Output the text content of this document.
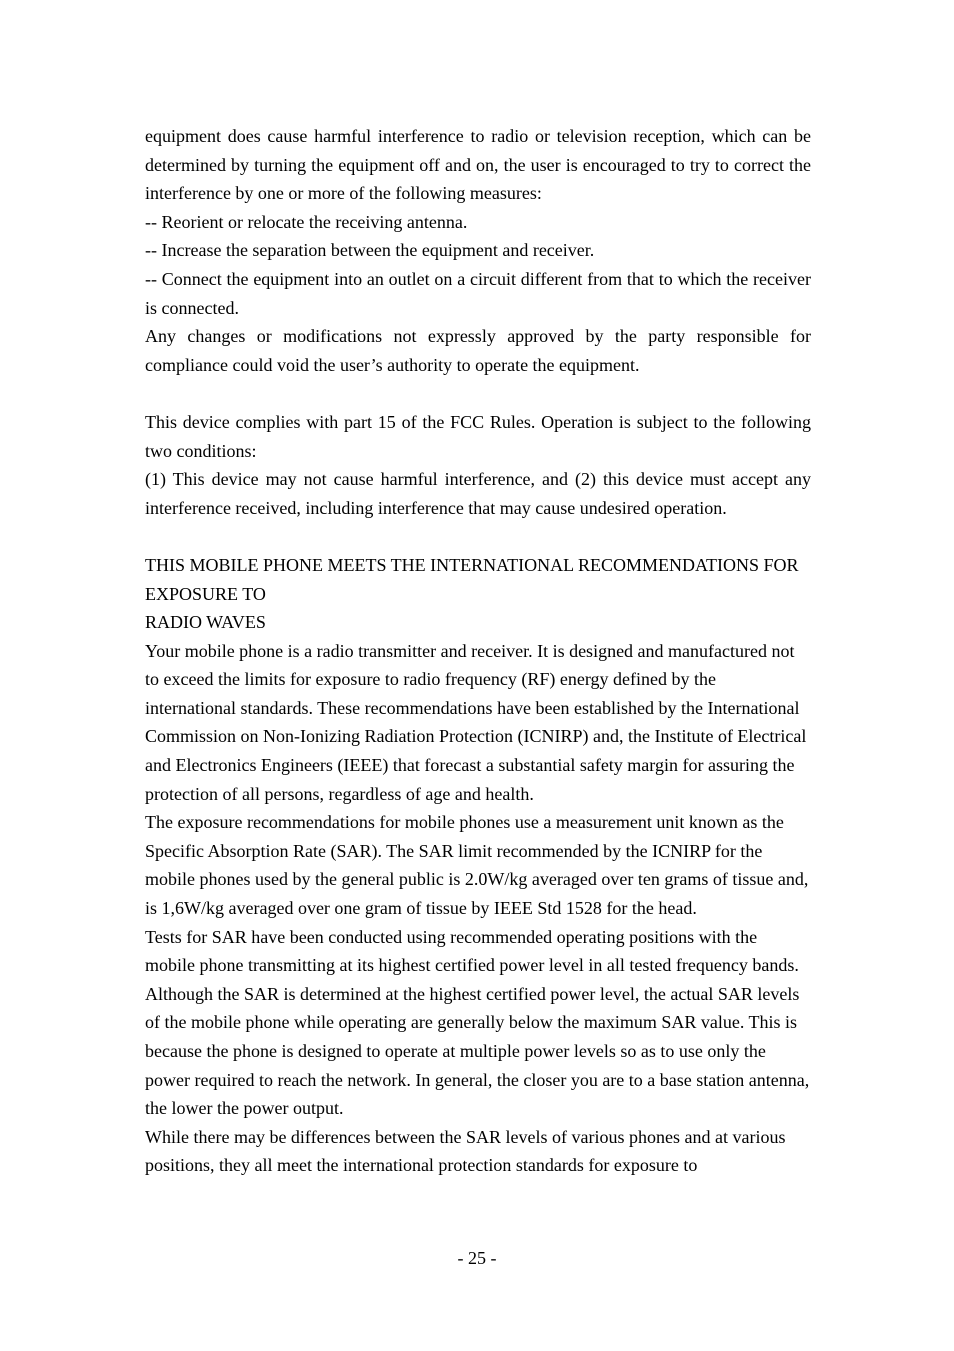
equipment does cause harmful interference to radio or television reception, which can be determined by turning the equipment off and on, the user is encouraged to try to correct the interference by one or more of the following measures:

-- Reorient or relocate the receiving antenna.

-- Increase the separation between the equipment and receiver.

-- Connect the equipment into an outlet on a circuit different from that to which the receiver is connected.

Any changes or modifications not expressly approved by the party responsible for compliance could void the user’s authority to operate the equipment.

This device complies with part 15 of the FCC Rules. Operation is subject to the following two conditions:

(1) This device may not cause harmful interference, and (2) this device must accept any interference received, including interference that may cause undesired operation.

THIS MOBILE PHONE MEETS THE INTERNATIONAL RECOMMENDATIONS FOR EXPOSURE TO

RADIO WAVES

Your mobile phone is a radio transmitter and receiver. It is designed and manufactured not to exceed the limits for exposure to radio frequency (RF) energy defined by the international standards. These recommendations have been established by the International Commission on Non-Ionizing Radiation Protection (ICNIRP) and, the Institute of Electrical and Electronics Engineers (IEEE) that forecast a substantial safety margin for assuring the protection of all persons, regardless of age and health.

The exposure recommendations for mobile phones use a measurement unit known as the Specific Absorption Rate (SAR). The SAR limit recommended by the ICNIRP for the mobile phones used by the general public is 2.0W/kg averaged over ten grams of tissue and, is 1,6W/kg averaged over one gram of tissue by IEEE Std 1528 for the head.

Tests for SAR have been conducted using recommended operating positions with the mobile phone transmitting at its highest certified power level in all tested frequency bands. Although the SAR is determined at the highest certified power level, the actual SAR levels of the mobile phone while operating are generally below the maximum SAR value. This is because the phone is designed to operate at multiple power levels so as to use only the power required to reach the network. In general, the closer you are to a base station antenna, the lower the power output.

While there may be differences between the SAR levels of various phones and at various positions, they all meet the international protection standards for exposure to

- 25 -
